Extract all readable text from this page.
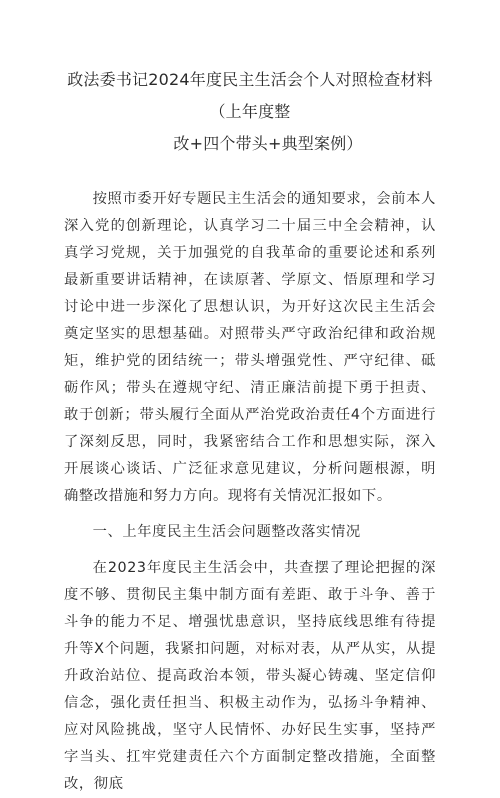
政法委书记2024年度民主生活会个人对照检查材料（上年度整
改+四个带头+典型案例）

按照市委开好专题民主生活会的通知要求，会前本人深入党的创新理论，认真学习二十届三中全会精神，认真学习党规，关于加强党的自我革命的重要论述和系列最新重要讲话精神，在读原著、学原文、悟原理和学习讨论中进一步深化了思想认识，为开好这次民主生活会奠定坚实的思想基础。对照带头严守政治纪律和政治规矩，维护党的团结统一；带头增强党性、严守纪律、砥砺作风；带头在遵规守纪、清正廉洁前提下勇于担责、敢于创新；带头履行全面从严治党政治责任4个方面进行了深刻反思，同时，我紧密结合工作和思想实际，深入开展谈心谈话、广泛征求意见建议，分析问题根源，明确整改措施和努力方向。现将有关情况汇报如下。

一、上年度民主生活会问题整改落实情况

在2023年度民主生活会中，共查摆了理论把握的深度不够、贯彻民主集中制方面有差距、敢于斗争、善于斗争的能力不足、增强忧患意识，坚持底线思维有待提升等X个问题，我紧扣问题，对标对表，从严从实，从提升政治站位、提高政治本领，带头凝心铸魂、坚定信仰信念，强化责任担当、积极主动作为，弘扬斗争精神、应对风险挑战，坚守人民情怀、办好民生实事，坚持严字当头、扛牢党建责任六个方面制定整改措施，全面整改，彻底
